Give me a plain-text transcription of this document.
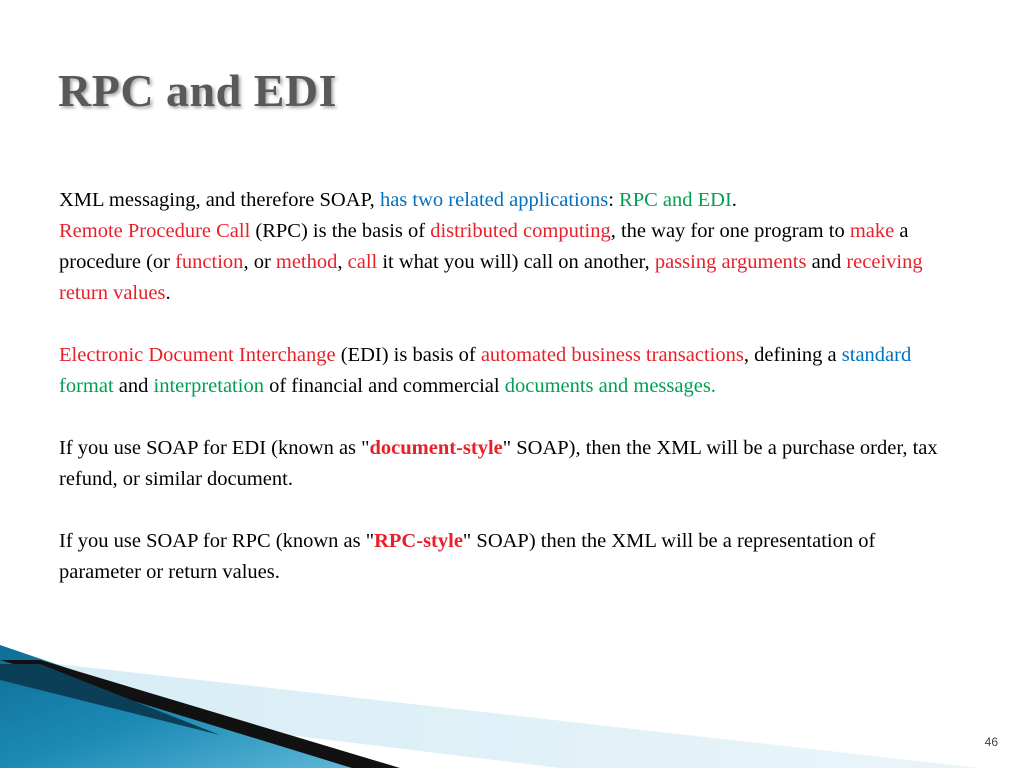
RPC and EDI

XML messaging, and therefore SOAP, has two related applications: RPC and EDI.
Remote Procedure Call (RPC) is the basis of distributed computing, the way for one program to make a procedure (or function, or method, call it what you will) call on another, passing arguments and receiving return values.

Electronic Document Interchange (EDI) is basis of automated business transactions, defining a standard format and interpretation of financial and commercial documents and messages.

If you use SOAP for EDI (known as "document-style" SOAP), then the XML will be a purchase order, tax refund, or similar document.

If you use SOAP for RPC (known as "RPC-style" SOAP) then the XML will be a representation of parameter or return values.

46
